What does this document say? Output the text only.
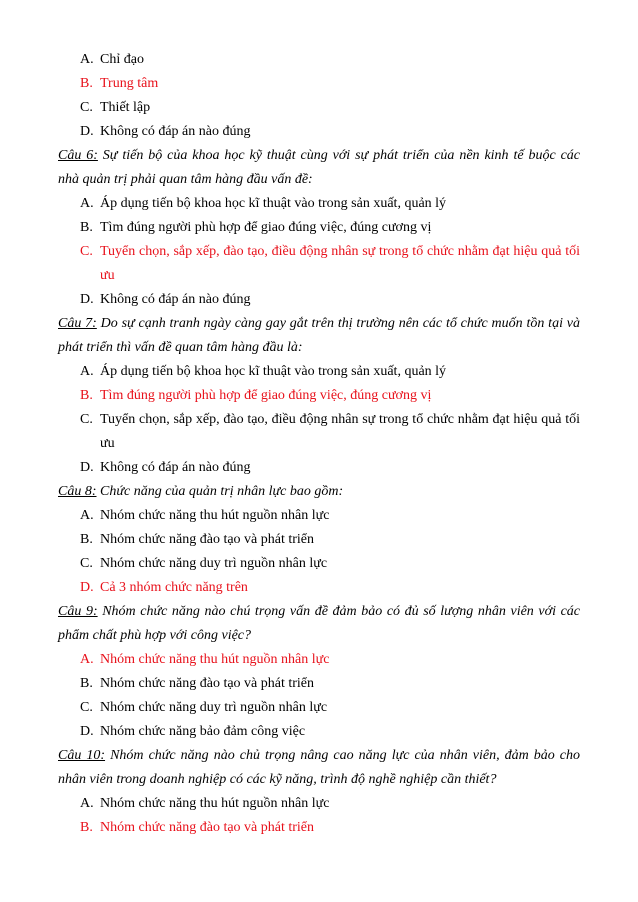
A. Chỉ đạo
B. Trung tâm
C. Thiết lập
D. Không có đáp án nào đúng
Câu 6: Sự tiến bộ của khoa học kỹ thuật cùng với sự phát triển của nền kinh tế buộc các
nhà quản trị phải quan tâm hàng đầu vấn đề:
A. Áp dụng tiến bộ khoa học kĩ thuật vào trong sản xuất, quản lý
B. Tìm đúng người phù hợp để giao đúng việc, đúng cương vị
C. Tuyển chọn, sắp xếp, đào tạo, điều động nhân sự trong tổ chức nhằm đạt hiệu quả tối
ưu
D. Không có đáp án nào đúng
Câu 7: Do sự cạnh tranh ngày càng gay gắt trên thị trường nên các tổ chức muốn tồn tại và
phát triển thì vấn đề quan tâm hàng đầu là:
A. Áp dụng tiến bộ khoa học kĩ thuật vào trong sản xuất, quản lý
B. Tìm đúng người phù hợp để giao đúng việc, đúng cương vị
C. Tuyển chọn, sắp xếp, đào tạo, điều động nhân sự trong tổ chức nhằm đạt hiệu quả tối
ưu
D. Không có đáp án nào đúng
Câu 8: Chức năng của quản trị nhân lực bao gồm:
A. Nhóm chức năng thu hút nguồn nhân lực
B. Nhóm chức năng đào tạo và phát triển
C. Nhóm chức năng duy trì nguồn nhân lực
D. Cả 3 nhóm chức năng trên
Câu 9: Nhóm chức năng nào chú trọng vấn đề đảm bảo có đủ số lượng nhân viên với các
phẩm chất phù hợp với công việc?
A. Nhóm chức năng thu hút nguồn nhân lực
B. Nhóm chức năng đào tạo và phát triển
C. Nhóm chức năng duy trì nguồn nhân lực
D. Nhóm chức năng bảo đảm công việc
Câu 10: Nhóm chức năng nào chủ trọng nâng cao năng lực của nhân viên, đảm bảo cho
nhân viên trong doanh nghiệp có các kỹ năng, trình độ nghề nghiệp cần thiết?
A. Nhóm chức năng thu hút nguồn nhân lực
B. Nhóm chức năng đào tạo và phát triển
